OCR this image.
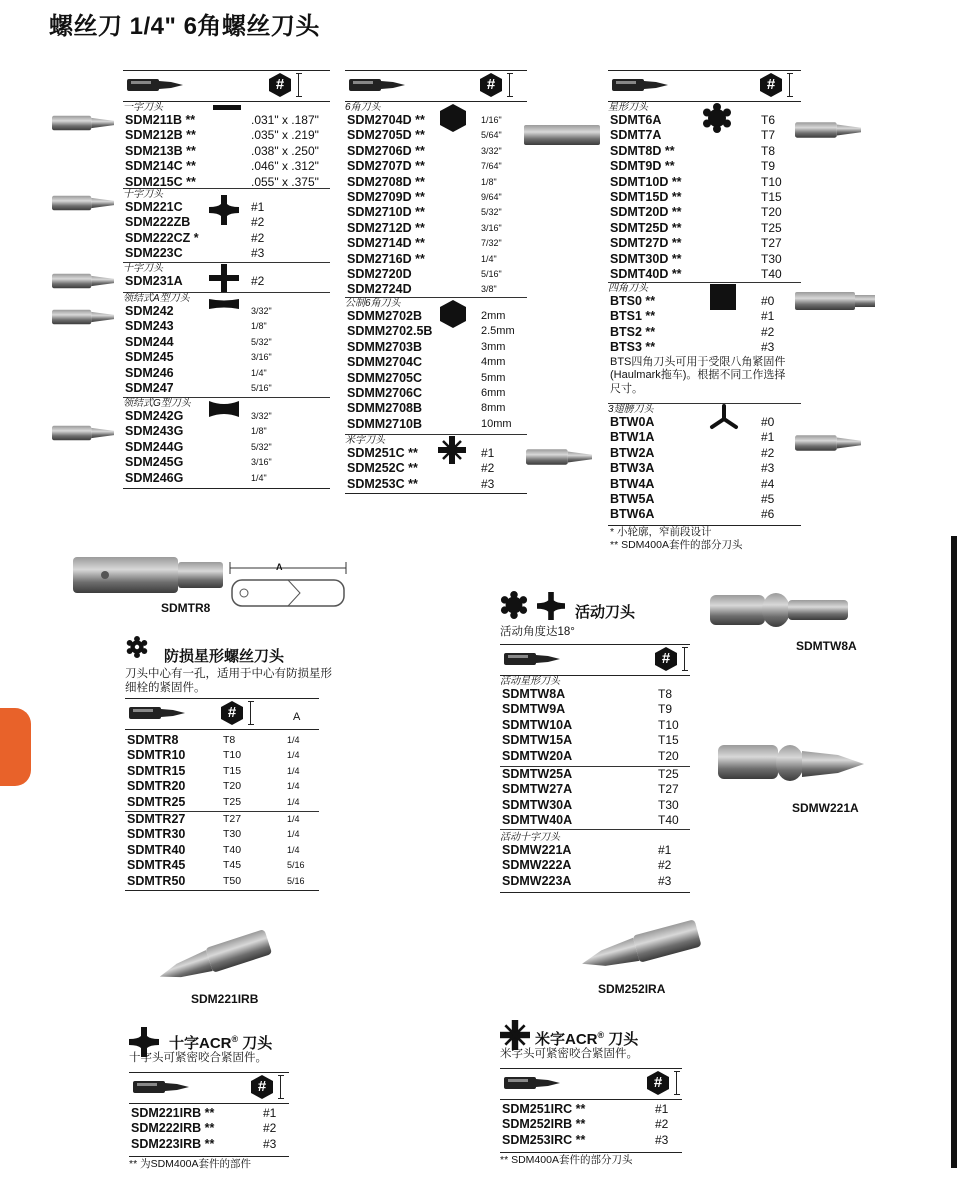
螺丝刀 1/4" 6角螺丝刀头
#
一字刀头
SDM211B **	.031" x .187"
SDM212B **	.035" x .219"
SDM213B **	.038" x .250"
SDM214C **	.046" x .312"
SDM215C **	.055" x .375"
十字刀头
SDM221C	#1
SDM222ZB	#2
SDM222CZ *	#2
SDM223C	#3
十字刀头
SDM231A	#2
领结式A型刀头
SDM242	3/32"
SDM243	1/8"
SDM244	5/32"
SDM245	3/16"
SDM246	1/4"
SDM247	5/16"
领结式G型刀头
SDM242G	3/32"
SDM243G	1/8"
SDM244G	5/32"
SDM245G	3/16"
SDM246G	1/4"
#
6角刀头
SDM2704D **	1/16"
SDM2705D **	5/64"
SDM2706D **	3/32"
SDM2707D **	7/64"
SDM2708D **	1/8"
SDM2709D **	9/64"
SDM2710D **	5/32"
SDM2712D **	3/16"
SDM2714D **	7/32"
SDM2716D **	1/4"
SDM2720D	5/16"
SDM2724D	3/8"
公制6角刀头
SDMM2702B	2mm
SDMM2702.5B	2.5mm
SDMM2703B	3mm
SDMM2704C	4mm
SDMM2705C	5mm
SDMM2706C	6mm
SDMM2708B	8mm
SDMM2710B	10mm
米字刀头
SDM251C **	#1
SDM252C **	#2
SDM253C **	#3
#
星形刀头
SDMT6A	T6
SDMT7A	T7
SDMT8D **	T8
SDMT9D **	T9
SDMT10D **	T10
SDMT15D **	T15
SDMT20D **	T20
SDMT25D **	T25
SDMT27D **	T27
SDMT30D **	T30
SDMT40D **	T40
四角刀头
BTS0 **	#0
BTS1 **	#1
BTS2 **	#2
BTS3 **	#3
BTS四角刀头可用于受限八角紧固件(Haulmark拖车)。根据不同工作选择尺寸。
3翅膀刀头
BTW0A	#0
BTW1A	#1
BTW2A	#2
BTW3A	#3
BTW4A	#4
BTW5A	#5
BTW6A	#6
* 小轮廓，窄前段设计
** SDM400A套件的部分刀头
SDMTR8
A
防损星形螺丝刀头
刀头中心有一孔，适用于中心有防损星形细栓的紧固件。
#	A
SDMTR8	T8	1/4
SDMTR10	T10	1/4
SDMTR15	T15	1/4
SDMTR20	T20	1/4
SDMTR25	T25	1/4
SDMTR27	T27	1/4
SDMTR30	T30	1/4
SDMTR40	T40	1/4
SDMTR45	T45	5/16
SDMTR50	T50	5/16
活动刀头
活动角度达18°
SDMTW8A
SDMW221A
#
活动星形刀头
SDMTW8A	T8
SDMTW9A	T9
SDMTW10A	T10
SDMTW15A	T15
SDMTW20A	T20
SDMTW25A	T25
SDMTW27A	T27
SDMTW30A	T30
SDMTW40A	T40
活动十字刀头
SDMW221A	#1
SDMW222A	#2
SDMW223A	#3
SDM221IRB
十字ACR® 刀头
十字头可紧密咬合紧固件。
#
SDM221IRB **	#1
SDM222IRB **	#2
SDM223IRB **	#3
** 为SDM400A套件的部件
SDM252IRA
米字ACR® 刀头
米字头可紧密咬合紧固件。
#
SDM251IRC **	#1
SDM252IRB **	#2
SDM253IRC **	#3
** SDM400A套件的部分刀头
